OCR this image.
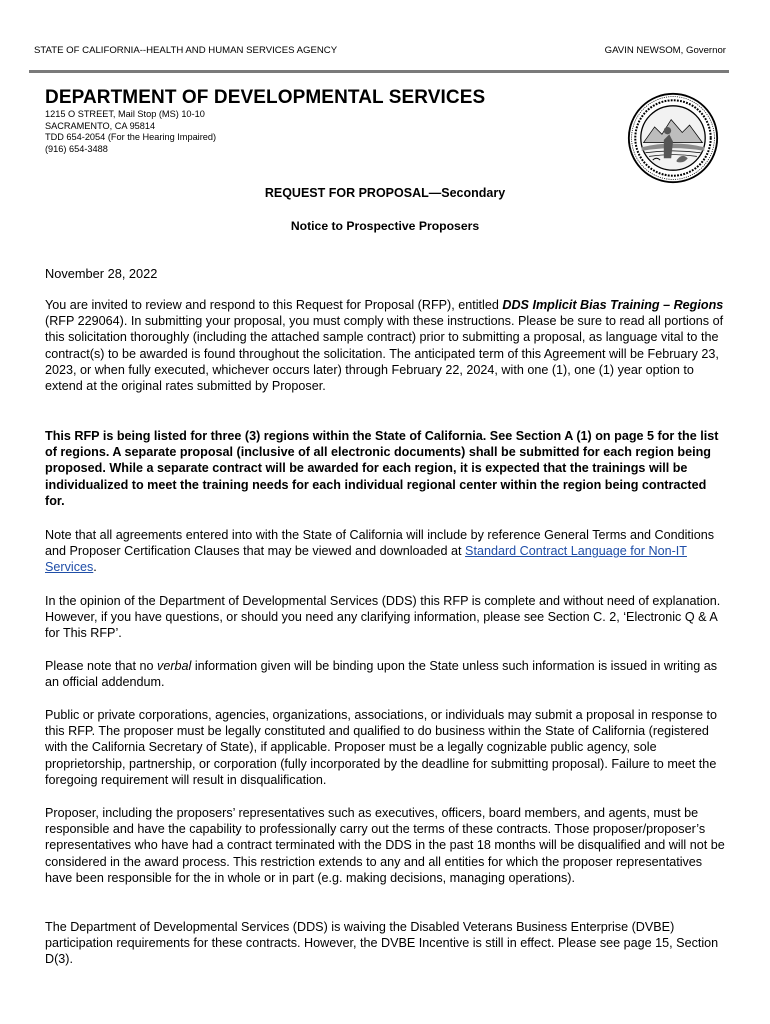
STATE OF CALIFORNIA--HEALTH AND HUMAN SERVICES AGENCY	GAVIN NEWSOM, Governor
DEPARTMENT OF DEVELOPMENTAL SERVICES
1215 O STREET, Mail Stop (MS) 10-10
SACRAMENTO, CA 95814
TDD 654-2054 (For the Hearing Impaired)
(916) 654-3488
REQUEST FOR PROPOSAL—Secondary
Notice to Prospective Proposers
November 28, 2022

You are invited to review and respond to this Request for Proposal (RFP), entitled DDS Implicit Bias Training – Regions (RFP 229064). In submitting your proposal, you must comply with these instructions. Please be sure to read all portions of this solicitation thoroughly (including the attached sample contract) prior to submitting a proposal, as language vital to the contract(s) to be awarded is found throughout the solicitation. The anticipated term of this Agreement will be February 23, 2023, or when fully executed, whichever occurs later) through February 22, 2024, with one (1), one (1) year option to extend at the original rates submitted by Proposer.

This RFP is being listed for three (3) regions within the State of California. See Section A (1) on page 5 for the list of regions. A separate proposal (inclusive of all electronic documents) shall be submitted for each region being proposed. While a separate contract will be awarded for each region, it is expected that the trainings will be individualized to meet the training needs for each individual regional center within the region being contracted for.

Note that all agreements entered into with the State of California will include by reference General Terms and Conditions and Proposer Certification Clauses that may be viewed and downloaded at Standard Contract Language for Non-IT Services.

In the opinion of the Department of Developmental Services (DDS) this RFP is complete and without need of explanation. However, if you have questions, or should you need any clarifying information, please see Section C. 2, ‘Electronic Q & A for This RFP’.

Please note that no verbal information given will be binding upon the State unless such information is issued in writing as an official addendum.

Public or private corporations, agencies, organizations, associations, or individuals may submit a proposal in response to this RFP. The proposer must be legally constituted and qualified to do business within the State of California (registered with the California Secretary of State), if applicable. Proposer must be a legally cognizable public agency, sole proprietorship, partnership, or corporation (fully incorporated by the deadline for submitting proposal). Failure to meet the foregoing requirement will result in disqualification.

Proposer, including the proposers’ representatives such as executives, officers, board members, and agents, must be responsible and have the capability to professionally carry out the terms of these contracts. Those proposer/proposer’s representatives who have had a contract terminated with the DDS in the past 18 months will be disqualified and will not be considered in the award process. This restriction extends to any and all entities for which the proposer representatives have been responsible for the in whole or in part (e.g. making decisions, managing operations).

The Department of Developmental Services (DDS) is waiving the Disabled Veterans Business Enterprise (DVBE) participation requirements for these contracts. However, the DVBE Incentive is still in effect. Please see page 15, Section D(3).
